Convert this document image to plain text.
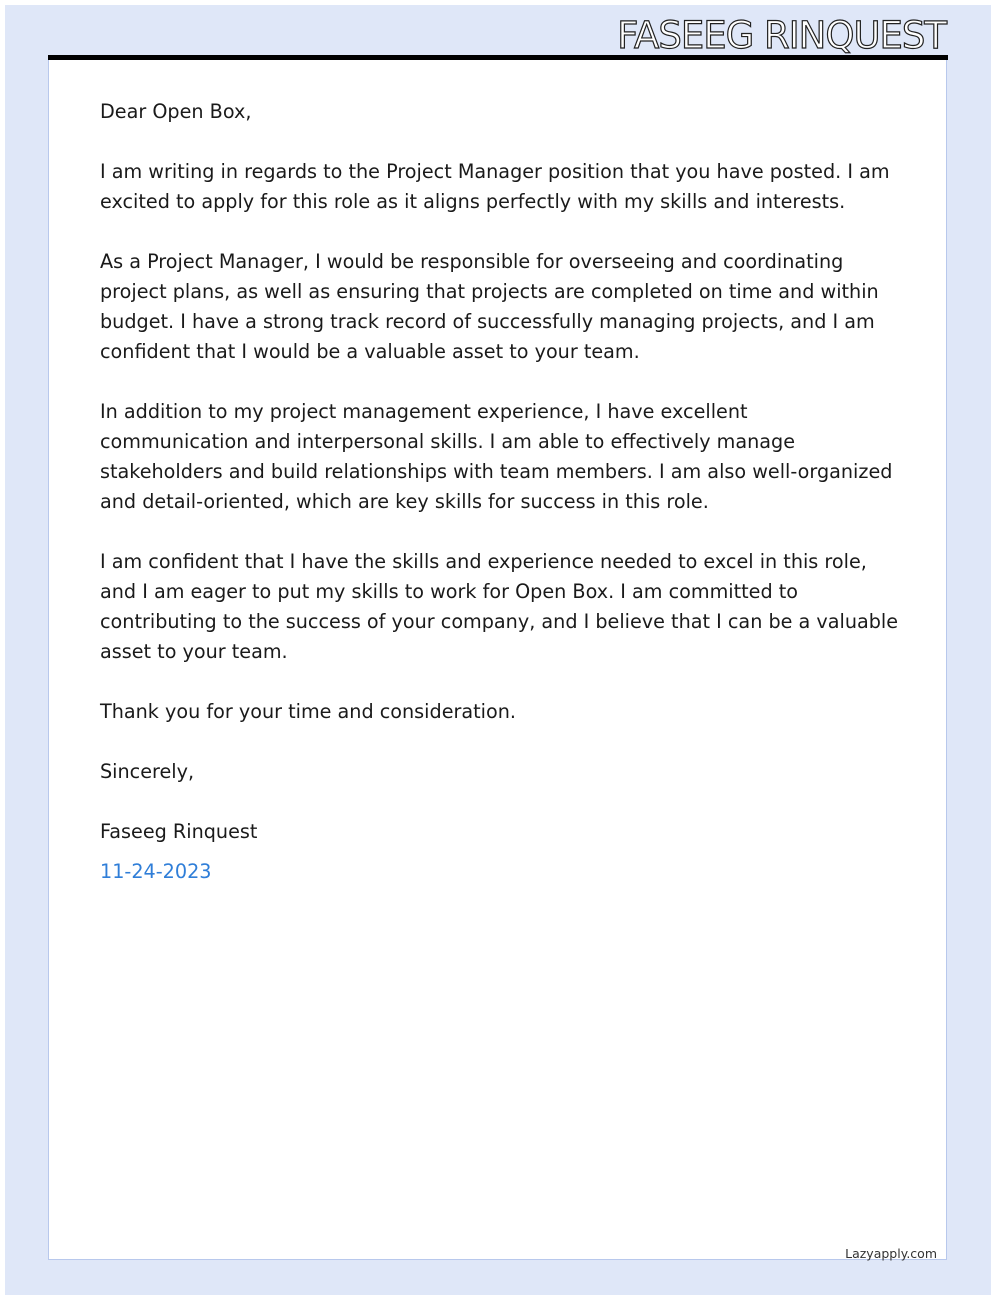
FASEEG RINQUEST

Dear Open Box,

I am writing in regards to the Project Manager position that you have posted. I am excited to apply for this role as it aligns perfectly with my skills and interests.

As a Project Manager, I would be responsible for overseeing and coordinating project plans, as well as ensuring that projects are completed on time and within budget. I have a strong track record of successfully managing projects, and I am confident that I would be a valuable asset to your team.

In addition to my project management experience, I have excellent communication and interpersonal skills. I am able to effectively manage stakeholders and build relationships with team members. I am also well-organized and detail-oriented, which are key skills for success in this role.

I am confident that I have the skills and experience needed to excel in this role, and I am eager to put my skills to work for Open Box. I am committed to contributing to the success of your company, and I believe that I can be a valuable asset to your team.

Thank you for your time and consideration.

Sincerely,

Faseeg Rinquest

11-24-2023

Lazyapply.com
